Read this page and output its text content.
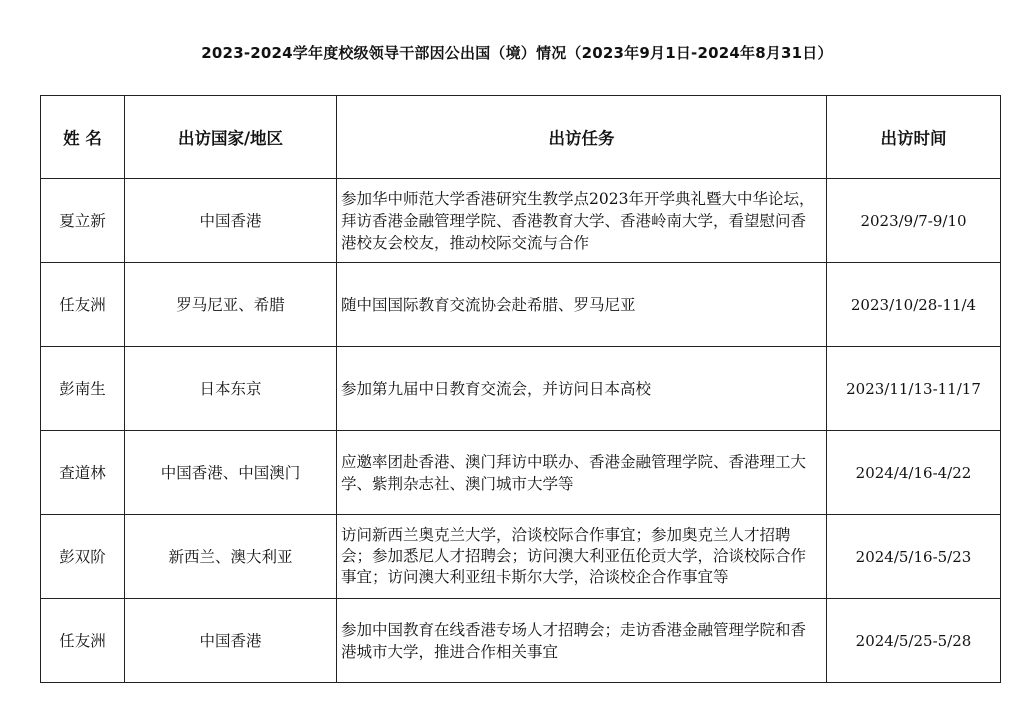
2023-2024学年度校级领导干部因公出国（境）情况（2023年9月1日-2024年8月31日）
姓 名	出访国家/地区	出访任务	出访时间
夏立新	中国香港	参加华中师范大学香港研究生教学点2023年开学典礼暨大中华论坛，拜访香港金融管理学院、香港教育大学、香港岭南大学，看望慰问香港校友会校友，推动校际交流与合作	2023/9/7-9/10
任友洲	罗马尼亚、希腊	随中国国际教育交流协会赴希腊、罗马尼亚	2023/10/28-11/4
彭南生	日本东京	参加第九届中日教育交流会，并访问日本高校	2023/11/13-11/17
查道林	中国香港、中国澳门	应邀率团赴香港、澳门拜访中联办、香港金融管理学院、香港理工大学、紫荆杂志社、澳门城市大学等	2024/4/16-4/22
彭双阶	新西兰、澳大利亚	访问新西兰奥克兰大学，洽谈校际合作事宜；参加奥克兰人才招聘会；参加悉尼人才招聘会；访问澳大利亚伍伦贡大学，洽谈校际合作事宜；访问澳大利亚纽卡斯尔大学，洽谈校企合作事宜等	2024/5/16-5/23
任友洲	中国香港	参加中国教育在线香港专场人才招聘会；走访香港金融管理学院和香港城市大学，推进合作相关事宜	2024/5/25-5/28
